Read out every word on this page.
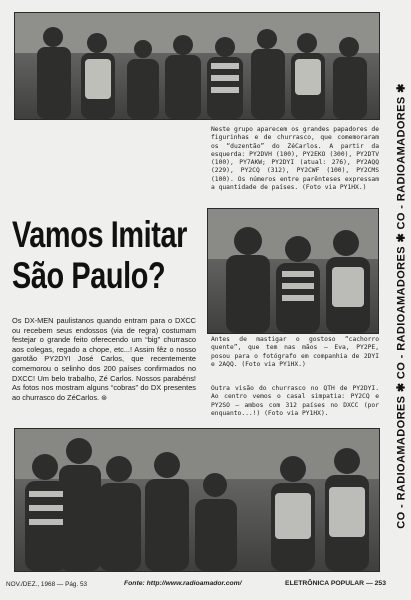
Neste grupo aparecem os grandes papadores de figurinhas e de churrasco, que comemoraram os “duzentão” do ZéCarlos. A partir da esquerda: PY2DVH (100), PY2EKO (300), PY2DTV (100), PY7AKW; PY2DYI (atual: 276), PY2AQQ (229), PY2CQ (312), PY2CWF (100), PY2CMS (100). Os números entre parênteses expressam a quantidade de países. (Foto via PY1HX.)

Vamos Imitar
São Paulo?
Os DX-MEN paulistanos quando entram para o DXCC ou recebem seus endossos (via de regra) costumam festejar o grande feito oferecendo um “big” churrasco aos colegas, regado a chope, etc...! Assim fêz o nosso garotão PY2DYI José Carlos, que recentemente comemorou o selinho dos 200 países confirmados no DXCC! Um belo trabalho, Zé Carlos. Nossos parabéns! As fotos nos mostram alguns “cobras” do DX presentes ao churrasco do ZéCarlos. ⊛

Antes de mastigar o gostoso “cachorro quente”, que tem nas mãos — Eva, PY2PE, posou para o fotógrafo em companhia de 2DYI e 2AQQ. (Foto via PY1HX.)

Outra visão do churrasco no QTH de PY2DYI. Ao centro vemos o casal simpatia: PY2CQ e PY2SO — ambos com 312 países no DXCC (por enquanto...!) (Foto via PY1HX).

NOV./DEZ., 1968 — Pág. 53	Fonte: http://www.radioamador.com/	ELETRÔNICA POPULAR — 253
CO - RADIOAMADORES ✱ CO - RADIOAMADORES ✱ CO - RADIOAMADORES ✱
